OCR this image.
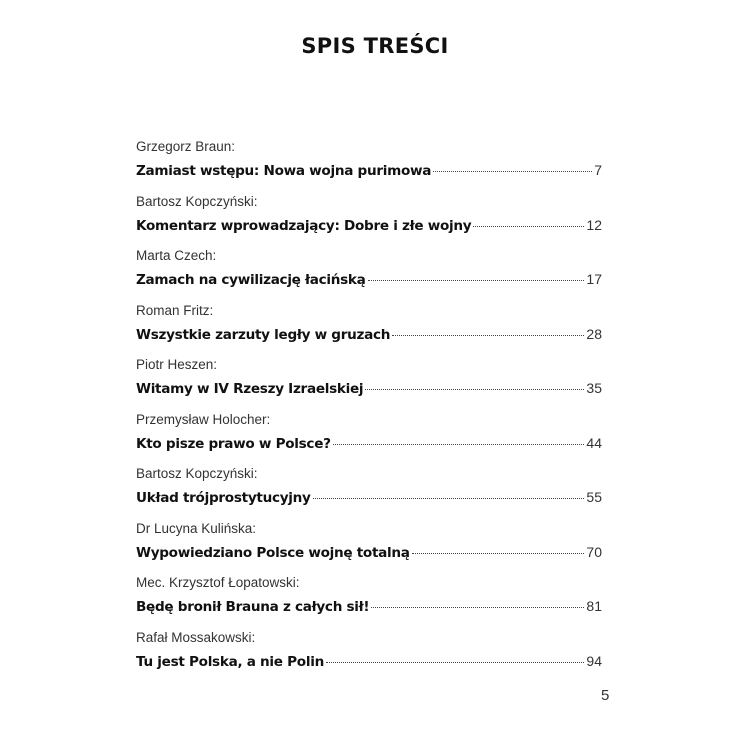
SPIS TREŚCI
Grzegorz Braun:
Zamiast wstępu: Nowa wojna purimowa	7
Bartosz Kopczyński:
Komentarz wprowadzający: Dobre i złe wojny	12
Marta Czech:
Zamach na cywilizację łacińską	17
Roman Fritz:
Wszystkie zarzuty legły w gruzach	28
Piotr Heszen:
Witamy w IV Rzeszy Izraelskiej	35
Przemysław Holocher:
Kto pisze prawo w Polsce?	44
Bartosz Kopczyński:
Układ trójprostytucyjny	55
Dr Lucyna Kulińska:
Wypowiedziano Polsce wojnę totalną	70
Mec. Krzysztof Łopatowski:
Będę bronił Brauna z całych sił!	81
Rafał Mossakowski:
Tu jest Polska, a nie Polin	94
5
